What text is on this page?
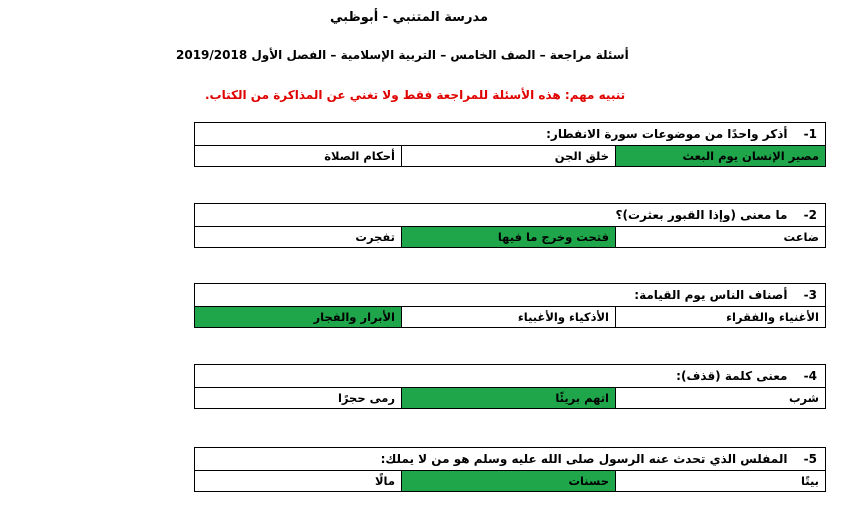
مدرسة المتنبي - أبوظبي
أسئلة مراجعة – الصف الخامس – التربية الإسلامية – الفصل الأول 2019/2018
تنبيه مهم: هذه الأسئلة للمراجعة فقط ولا تغني عن المذاكرة من الكتاب.
1- أذكر واحدًا من موضوعات سورة الانفطار:
مصير الإنسان يوم البعث
خلق الجن
أحكام الصلاة
2- ما معنى (وإذا القبور بعثرت)؟
ضاعت
فتحت وخرج ما فيها
تفجرت
3- أصناف الناس يوم القيامة:
الأغنياء والفقراء
الأذكياء والأغبياء
الأبرار والفجار
4- معنى كلمة (قذف):
شرب
اتهم بريئًا
رمى حجرًا
5- المفلس الذي تحدث عنه الرسول صلى الله عليه وسلم هو من لا يملك:
بيتًا
حسنات
مالًا
